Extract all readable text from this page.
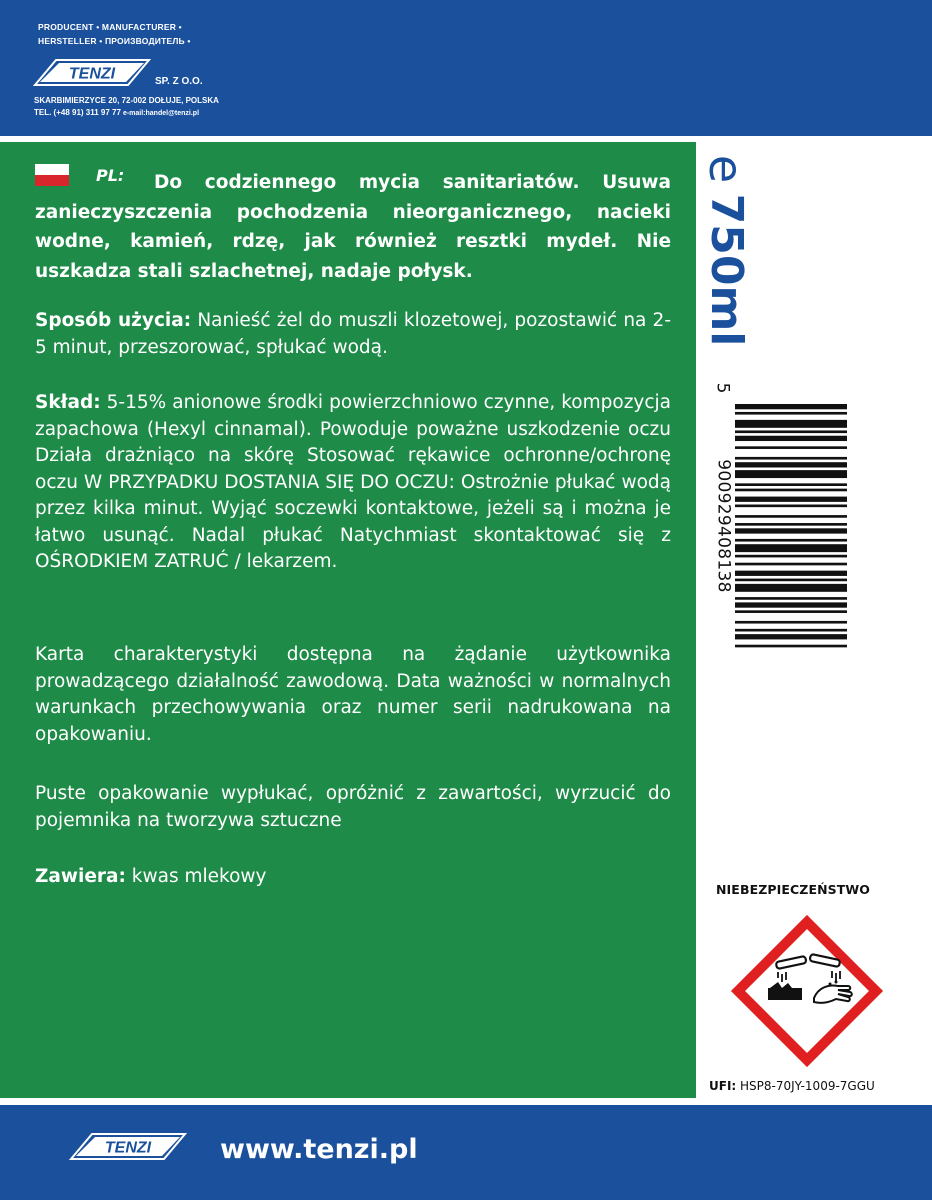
PRODUCENT • MANUFACTURER •
HERSTELLER • ПРОИЗВОДИТЕЛЬ •
TENZI	SP. Z O.O.
SKARBIMIERZYCE 20, 72-002 DOŁUJE, POLSKA
TEL. (+48 91) 311 97 77 e-mail:handel@tenzi.pl
PL:	Do codziennego mycia sanitariatów. Usuwa zanieczyszczenia pochodzenia nieorganicznego, nacieki wodne, kamień, rdzę, jak również resztki mydeł. Nie uszkadza stali szlachetnej, nadaje połysk.
Sposób użycia: Nanieść żel do muszli klozetowej, pozostawić na 2-5 minut, przeszorować, spłukać wodą.
Skład: 5-15% anionowe środki powierzchniowo czynne, kompozycja zapachowa (Hexyl cinnamal). Powoduje poważne uszkodzenie oczu Działa drażniąco na skórę Stosować rękawice ochronne/ochronę oczu W PRZYPADKU DOSTANIA SIĘ DO OCZU: Ostrożnie płukać wodą przez kilka minut. Wyjąć soczewki kontaktowe, jeżeli są i można je łatwo usunąć. Nadal płukać Natychmiast skontaktować się z OŚRODKIEM ZATRUĆ / lekarzem.
Karta charakterystyki dostępna na żądanie użytkownika prowadzącego działalność zawodową. Data ważności w normalnych warunkach przechowywania oraz numer serii nadrukowana na opakowaniu.
Puste opakowanie wypłukać, opróżnić z zawartości, wyrzucić do pojemnika na tworzywa sztuczne
Zawiera: kwas mlekowy
e
750ml
5
900929408138
NIEBEZPIECZEŃSTWO
UFI: HSP8-70JY-1009-7GGU
TENZI	www.tenzi.pl
